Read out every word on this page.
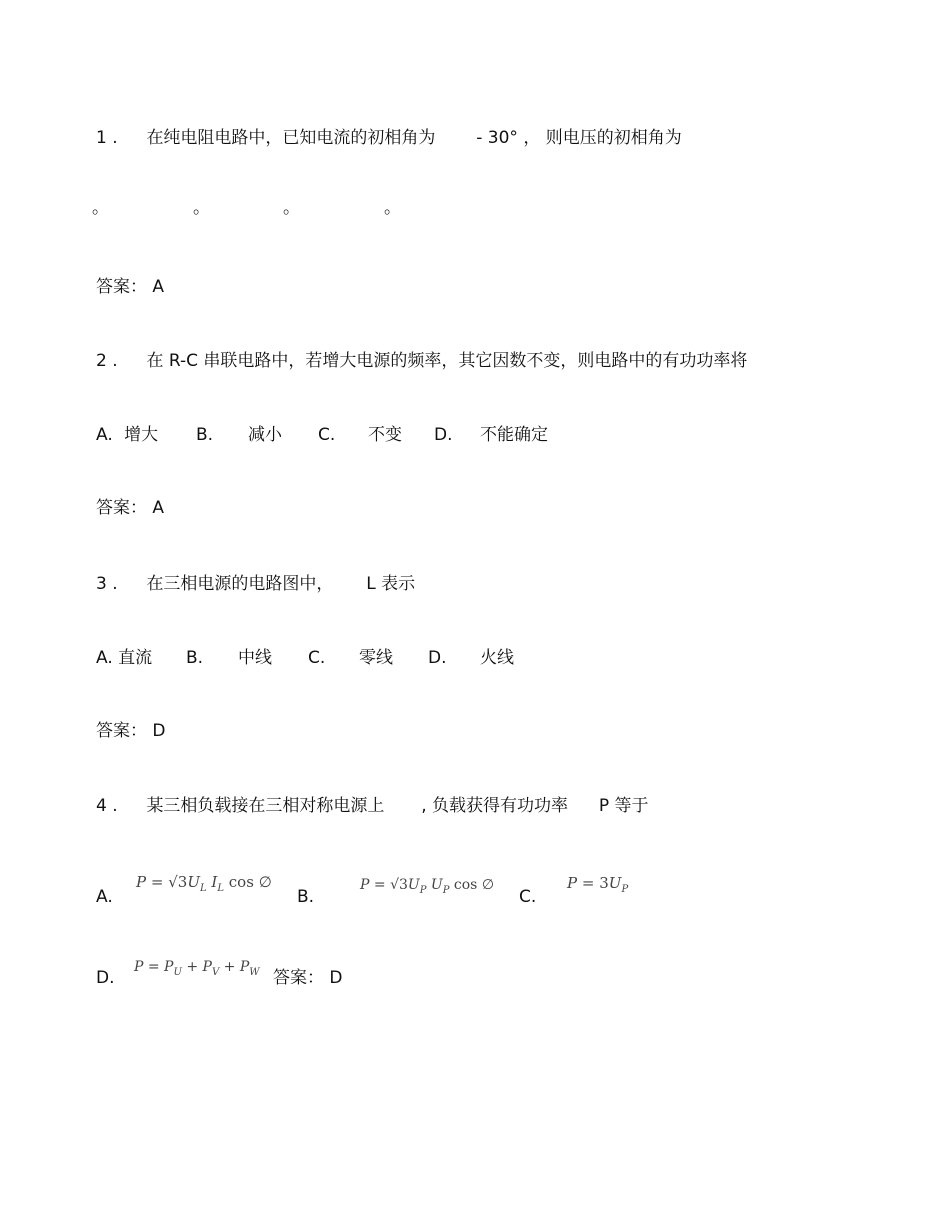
1 . 在纯电阻电路中，已知电流的初相角为 - 30° ， 则电压的初相角为
。	。	。	。
答案： A
2 . 在 R-C 串联电路中，若增大电源的频率，其它因数不变，则电路中的有功功率将
A. 增大 B. 减小 C. 不变 D. 不能确定
答案： A
3 . 在三相电源的电路图中， L 表示
A. 直流 B. 中线 C. 零线 D. 火线
答案： D
4 . 某三相负载接在三相对称电源上 , 负载获得有功功率 P 等于
A.
$P = √3U_L$ $I_L$ cos ∅
B.
$P = √3U_P$ $U_P$ cos ∅
C.
$P = 3U_P$
D.
$P = P_U + P_V + P_W$ 答案： D
